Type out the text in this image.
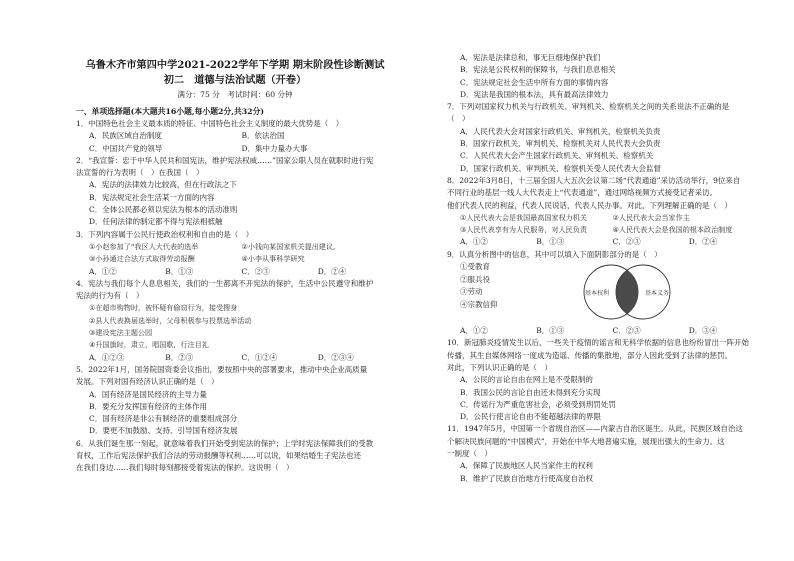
乌鲁木齐市第四中学2021-2022学年下学期 期末阶段性诊断测试
初二　道德与法治试题（开卷）
满分：75 分　考试时间：60 分钟
一、单项选择题(本大题共16小题,每小题2分,共32分)
1．中国特色社会主义最本质的特征、中国特色社会主义制度的最大优势是（　）
A．民族区域自治制度	B．依法治国
C．中国共产党的领导	D．集中力量办大事
2．“我宣誓：忠于中华人民共和国宪法，维护宪法权威……”国家公职人员在就职时进行宪
法宣誓的行为表明（　）在我国（　）
A．宪法的法律效力比较高，但在行政法之下
B．宪法规定社会生活某一方面的内容
C．全体公民都必须以宪法为根本的活动准则
D．任何法律的制定都不得与宪法相抵触
3．下列内容属于公民行使政治权利和自由的是（　）
①小赵参加了“我区人大代表的选举	②小钱向某国家机关提出建议,
③小孙通过合法方式取得劳动报酬	④小李从事科学研究
A．①②	B．①③	C．②③	D．②④
4．宪法与我们每个人息息相关，我们的一生都离不开宪法的保护，生活中公民遵守和维护
宪法的行为有（　）
①在超市购物时，被怀疑有偷窃行为，接受搜身
②县人代表换届选举时，父母积极参与投票选举活动
③建设宪法主题公园
④升国旗时，肃立，唱国歌，行注目礼
A．①②③	B．②③	C．①②④	D．②③④
5．2022年1月，国务院国资委会议指出，要按照中央的部署要求，推动中央企业高质量
发展。下列对国有经济认识正确的是（　）
A．国有经济是国民经济的主导力量
B．要充分发挥国有经济的主体作用
C．国有经济是非公有制经济的重要组成部分
D．要更不加鼓励、支持、引导国有经济发展
6．从我们诞生那一刻起，就意味着我们开始受到宪法的保护；上学时宪法保障我们的受教
育权，工作后宪法保护我们合法的劳动报酬等权利……可以说，如果结婚生子宪法也还
在我们身边……我们每时每刻都接受着宪法的保护。这说明（　）
A．宪法是法律总和，事无巨细地保护我们
B．宪法是公民权利的保障书，与我们息息相关
C．宪法规定社会生活中所有方面的事情内容
D．宪法是我国的根本法，具有最高法律效力
7．下列对国家权力机关与行政机关、审判机关、检察机关之间的关系说法不正确的是
（　）
A．人民代表大会对国家行政机关、审判机关、检察机关负责
B．国家行政机关、审判机关、检察机关对人民代表大会负责
C．人民代表大会产生国家行政机关、审判机关、检察机关
D．国家行政机关、审判机关、检察机关受人民代表大会监督
8．2022年3月8日，十三届全国人大五次会议第二场“代表通道”采访活动举行，9位来自
不同行业的基层一线人大代表走上“代表通道”，通过网络视频方式接受记者采访。
他们代表人民的利益，代表人民说话，代表人民办事。对此，下列理解正确的是（　）
①人民代表大会是我国最高国家权力机关	②人民代表大会当家作主
③人民代表享有为人民服务，对人民负责	④人民代表大会是我国的根本政治制度
A．①②	B．①③	C．②③	D．②④
9．认真分析图中的信息，其中可以填入下面阴影部分的是（　）
①受教育
②服兵役
③劳动
④宗教信仰
基本权利	基本义务
A．①②	B．①③	C．②③	D．③④
10．新冠肺炎疫情发生以后，一些关于疫情的谣言和无科学依据的信息也纷纷冒出一阵开始
传播，其生自媒体网络一度成为造谣、传播的集散地，部分人因此受到了法律的惩罚。
对此，下列认识正确的是（　）
A．公民的言论自由在网上是不受限制的
B．我国公民的言论自由还未得到充分实现
C．传谣行为严重危害社会，必须受到刑罚处罚
D．公民行使言论自由不能超越法律的界限
11．1947年5月，中国第一个省级自治区——内蒙古自治区诞生。从此，民族区域自治这
个解决民族问题的“中国模式”，开始在中华大地普遍实施，展现出强大的生命力。这
一制度（　）
A．保障了民族地区人民当家作主的权利
B．维护了民族自治地方行使高度自治权
